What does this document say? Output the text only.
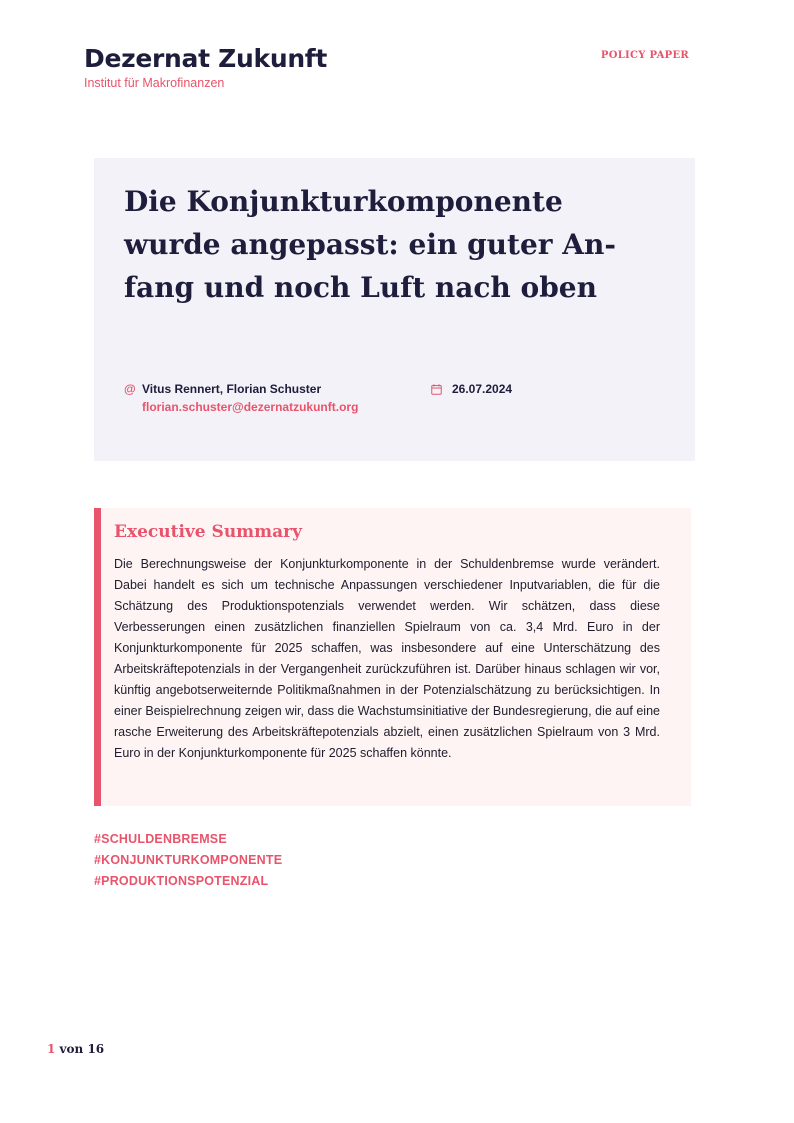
Dezernat Zukunft
Institut für Makrofinanzen
POLICY PAPER
Die Konjunkturkomponente wurde angepasst: ein guter Anfang und noch Luft nach oben
@ Vitus Rennert, Florian Schuster
florian.schuster@dezernatzukunft.org
26.07.2024
Executive Summary

Die Berechnungsweise der Konjunkturkomponente in der Schuldenbremse wurde verändert. Dabei handelt es sich um technische Anpassungen verschiedener Inputvariablen, die für die Schätzung des Produktionspotenzials verwendet werden. Wir schätzen, dass diese Verbesserungen einen zusätzlichen finanziellen Spielraum von ca. 3,4 Mrd. Euro in der Konjunkturkomponente für 2025 schaffen, was insbesondere auf eine Unterschätzung des Arbeitskräftepotenzials in der Vergangenheit zurückzuführen ist. Darüber hinaus schlagen wir vor, künftig angebotserweiternde Politikmaßnahmen in der Potenzialschätzung zu berücksichtigen. In einer Beispielrechnung zeigen wir, dass die Wachstumsinitiative der Bundesregierung, die auf eine rasche Erweiterung des Arbeitskräftepotenzials abzielt, einen zusätzlichen Spielraum von 3 Mrd. Euro in der Konjunkturkomponente für 2025 schaffen könnte.

#SCHULDENBREMSE
#KONJUNKTURKOMPONENTE
#PRODUKTIONSPOTENZIAL
1 von 16
